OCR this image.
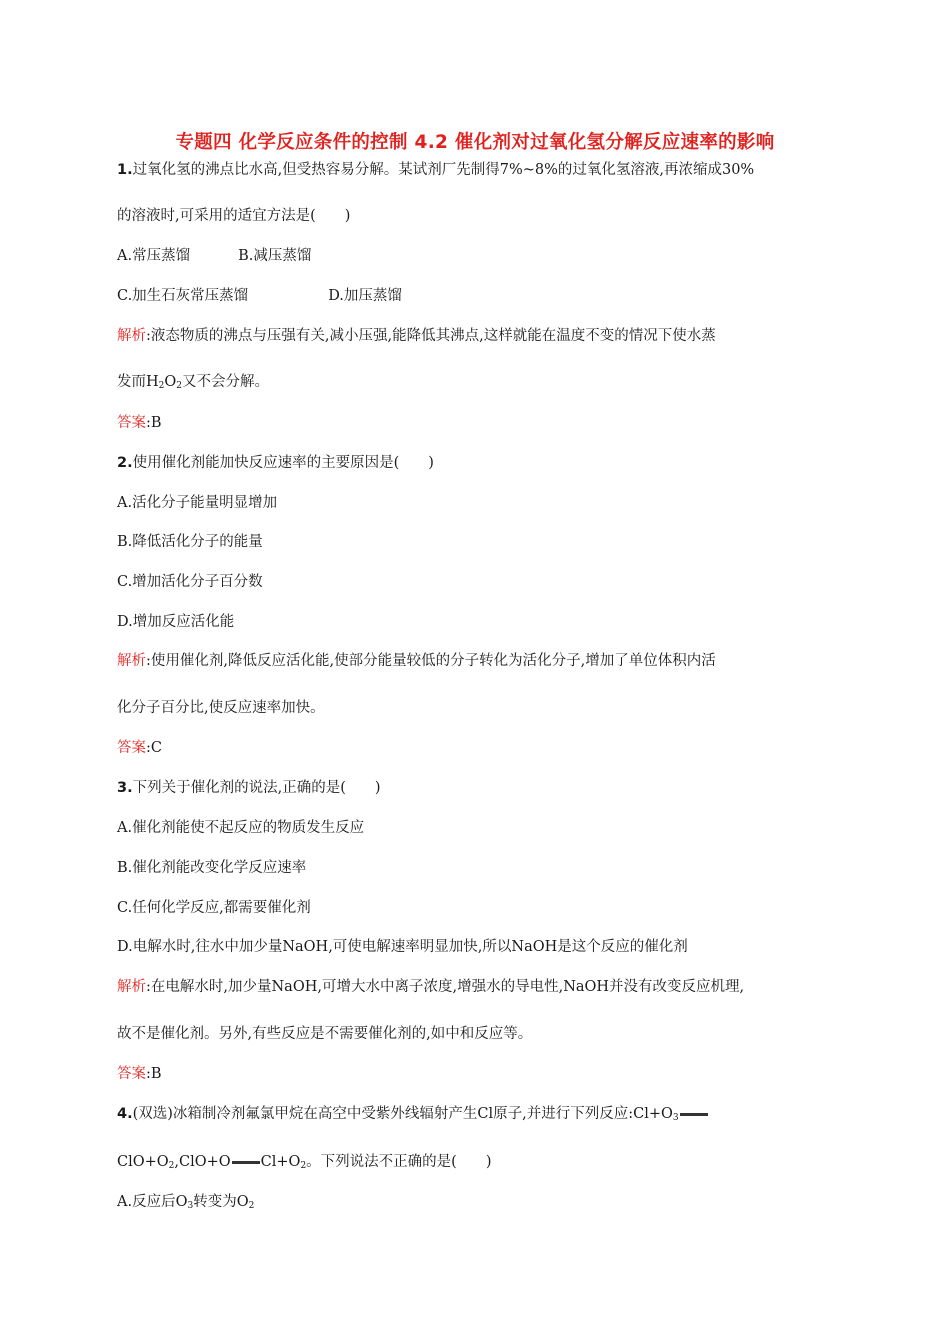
专题四 化学反应条件的控制 4.2 催化剂对过氧化氢分解反应速率的影响
1.过氧化氢的沸点比水高,但受热容易分解。某试剂厂先制得7%~8%的过氧化氢溶液,再浓缩成30%
的溶液时,可采用的适宜方法是(　　)
A.常压蒸馏	B.减压蒸馏
C.加生石灰常压蒸馏	D.加压蒸馏
解析:液态物质的沸点与压强有关,减小压强,能降低其沸点,这样就能在温度不变的情况下使水蒸
发而$H_2O_2$又不会分解。
答案:B
2.使用催化剂能加快反应速率的主要原因是(　　)
A.活化分子能量明显增加
B.降低活化分子的能量
C.增加活化分子百分数
D.增加反应活化能
解析:使用催化剂,降低反应活化能,使部分能量较低的分子转化为活化分子,增加了单位体积内活
化分子百分比,使反应速率加快。
答案:C
3.下列关于催化剂的说法,正确的是(　　)
A.催化剂能使不起反应的物质发生反应
B.催化剂能改变化学反应速率
C.任何化学反应,都需要催化剂
D.电解水时,往水中加少量NaOH,可使电解速率明显加快,所以NaOH是这个反应的催化剂
解析:在电解水时,加少量NaOH,可增大水中离子浓度,增强水的导电性,NaOH并没有改变反应机理,
故不是催化剂。另外,有些反应是不需要催化剂的,如中和反应等。
答案:B
4.(双选)冰箱制冷剂氟氯甲烷在高空中受紫外线辐射产生Cl原子,并进行下列反应$:Cl+O_3$
$ClO+O_2,ClO+O$ $Cl+O_2$。下列说法不正确的是(　　)
A.反应后$O_3$转变为$O_2$
